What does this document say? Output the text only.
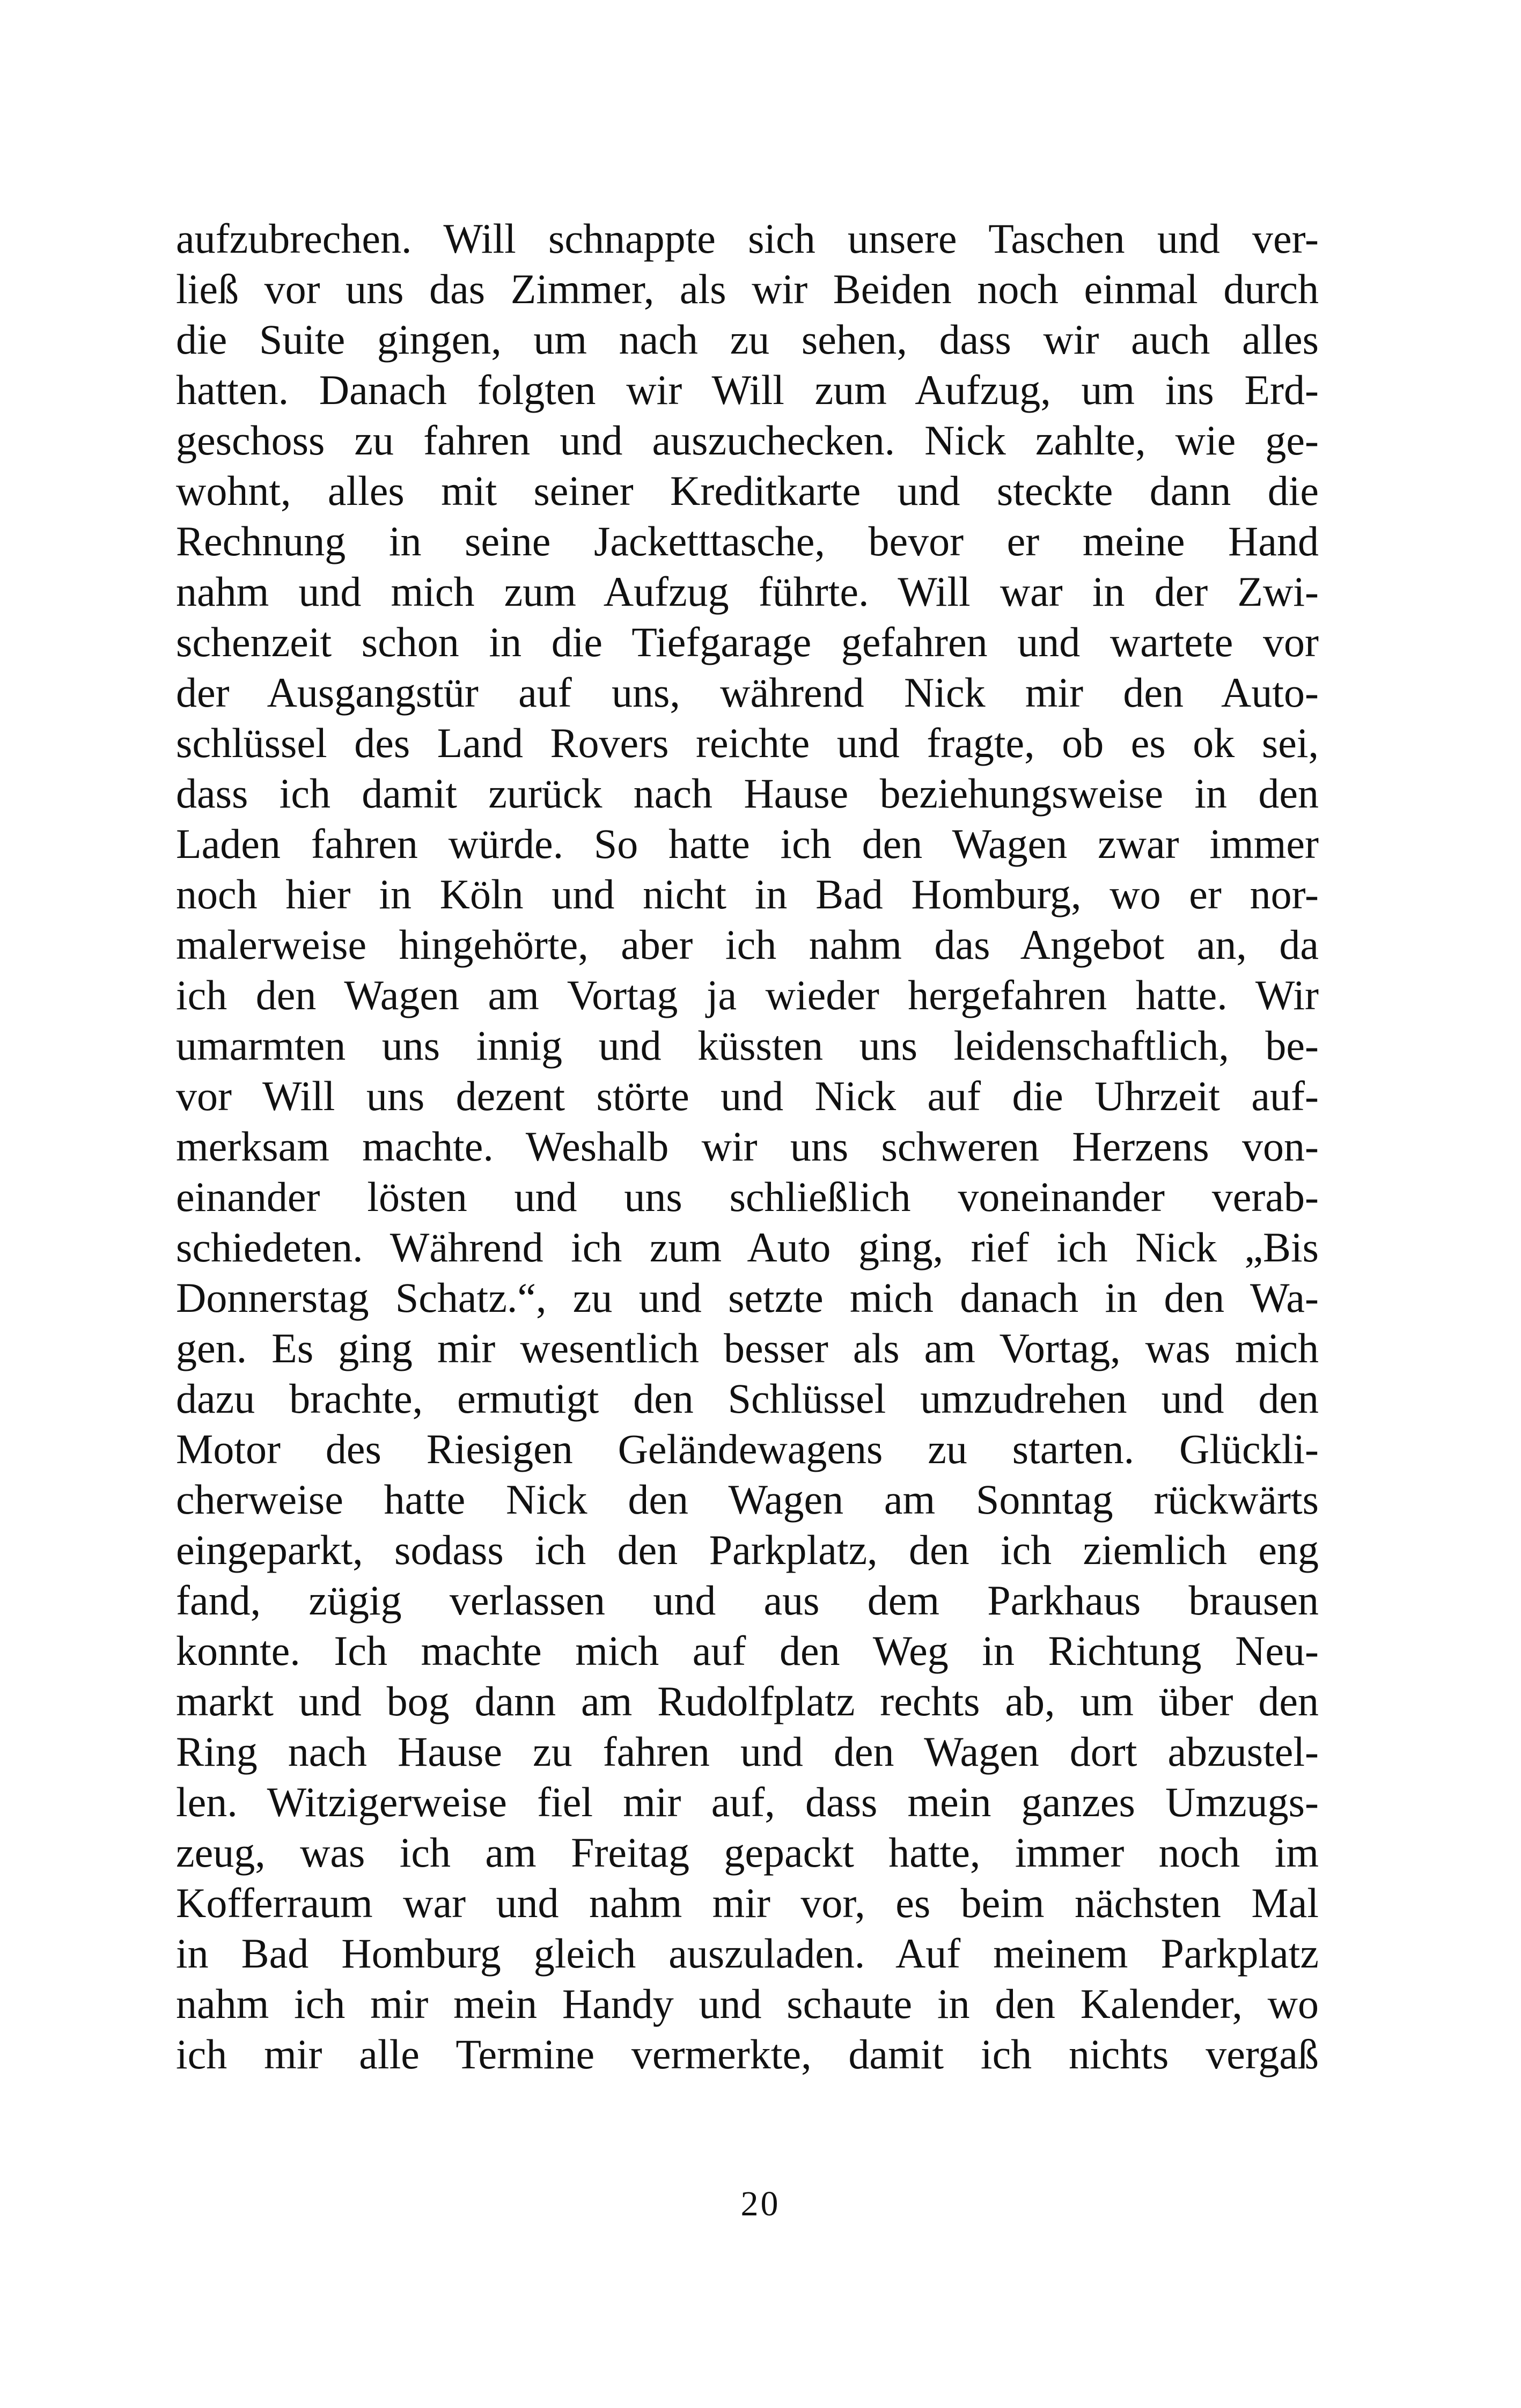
aufzubrechen. Will schnappte sich unsere Taschen und ver-
ließ vor uns das Zimmer, als wir Beiden noch einmal durch
die Suite gingen, um nach zu sehen, dass wir auch alles
hatten. Danach folgten wir Will zum Aufzug, um ins Erd-
geschoss zu fahren und auszuchecken. Nick zahlte, wie ge-
wohnt, alles mit seiner Kreditkarte und steckte dann die
Rechnung in seine Jacketttasche, bevor er meine Hand
nahm und mich zum Aufzug führte. Will war in der Zwi-
schenzeit schon in die Tiefgarage gefahren und wartete vor
der Ausgangstür auf uns, während Nick mir den Auto-
schlüssel des Land Rovers reichte und fragte, ob es ok sei,
dass ich damit zurück nach Hause beziehungsweise in den
Laden fahren würde. So hatte ich den Wagen zwar immer
noch hier in Köln und nicht in Bad Homburg, wo er nor-
malerweise hingehörte, aber ich nahm das Angebot an, da
ich den Wagen am Vortag ja wieder hergefahren hatte. Wir
umarmten uns innig und küssten uns leidenschaftlich, be-
vor Will uns dezent störte und Nick auf die Uhrzeit auf-
merksam machte. Weshalb wir uns schweren Herzens von-
einander lösten und uns schließlich voneinander verab-
schiedeten. Während ich zum Auto ging, rief ich Nick „Bis
Donnerstag Schatz.“, zu und setzte mich danach in den Wa-
gen. Es ging mir wesentlich besser als am Vortag, was mich
dazu brachte, ermutigt den Schlüssel umzudrehen und den
Motor des Riesigen Geländewagens zu starten. Glückli-
cherweise hatte Nick den Wagen am Sonntag rückwärts
eingeparkt, sodass ich den Parkplatz, den ich ziemlich eng
fand, zügig verlassen und aus dem Parkhaus brausen
konnte. Ich machte mich auf den Weg in Richtung Neu-
markt und bog dann am Rudolfplatz rechts ab, um über den
Ring nach Hause zu fahren und den Wagen dort abzustel-
len. Witzigerweise fiel mir auf, dass mein ganzes Umzugs-
zeug, was ich am Freitag gepackt hatte, immer noch im
Kofferraum war und nahm mir vor, es beim nächsten Mal
in Bad Homburg gleich auszuladen. Auf meinem Parkplatz
nahm ich mir mein Handy und schaute in den Kalender, wo
ich mir alle Termine vermerkte, damit ich nichts vergaß
20
